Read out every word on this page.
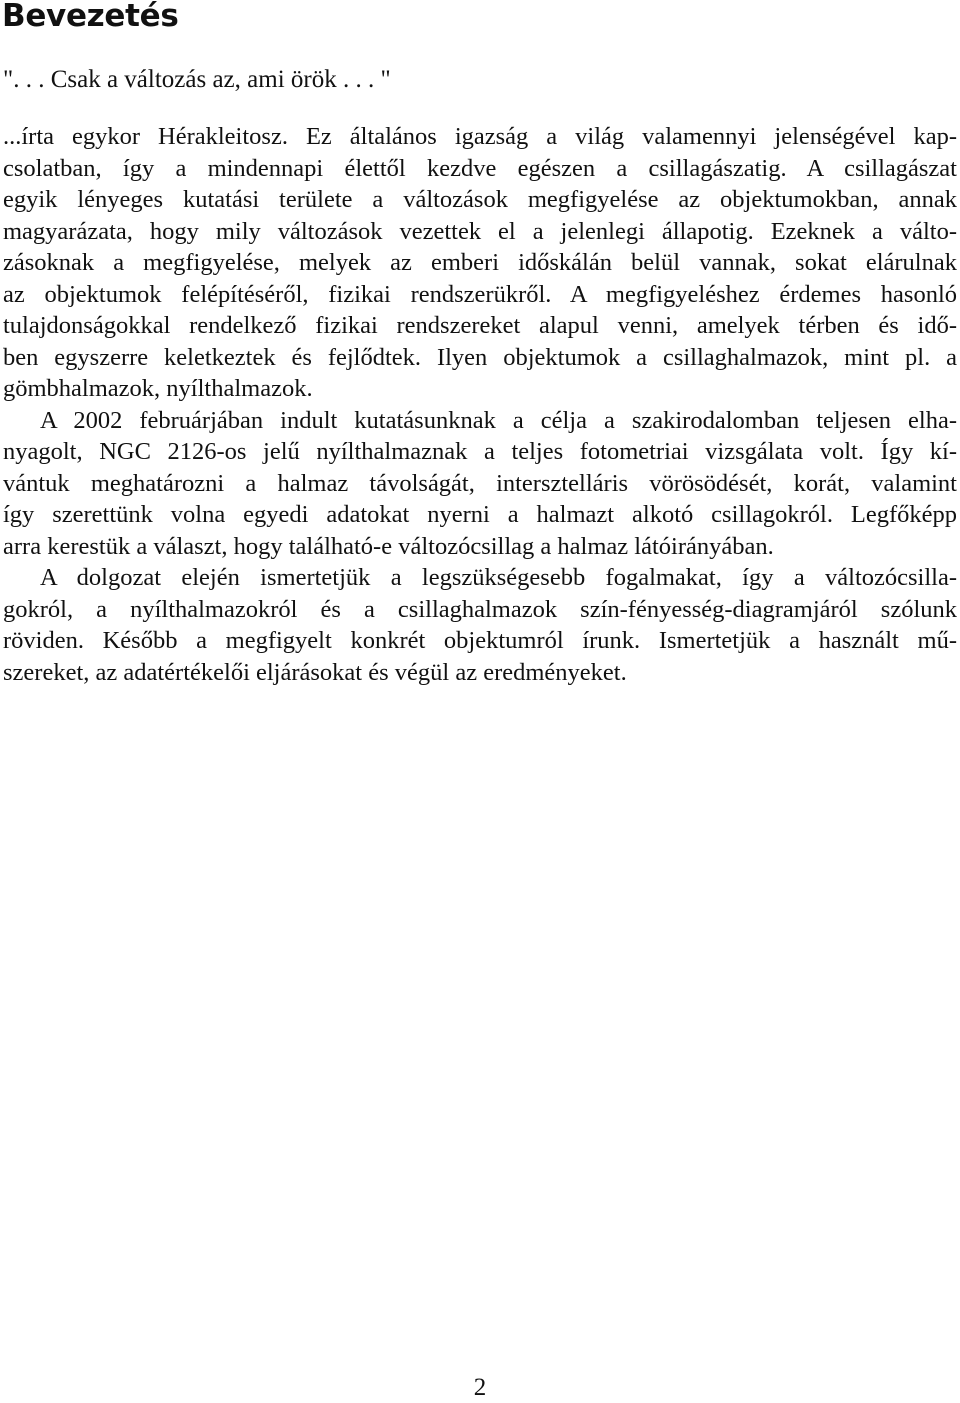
Bevezetés
". . . Csak a változás az, ami örök . . . "
...írta egykor Hérakleitosz. Ez általános igazság a világ valamennyi jelenségével kap-
csolatban, így a mindennapi élettől kezdve egészen a csillagászatig. A csillagászat
egyik lényeges kutatási területe a változások megfigyelése az objektumokban, annak
magyarázata, hogy mily változások vezettek el a jelenlegi állapotig. Ezeknek a válto-
zásoknak a megfigyelése, melyek az emberi időskálán belül vannak, sokat elárulnak
az objektumok felépítéséről, fizikai rendszerükről. A megfigyeléshez érdemes hasonló
tulajdonságokkal rendelkező fizikai rendszereket alapul venni, amelyek térben és idő-
ben egyszerre keletkeztek és fejlődtek. Ilyen objektumok a csillaghalmazok, mint pl. a
gömbhalmazok, nyílthalmazok.
A 2002 februárjában indult kutatásunknak a célja a szakirodalomban teljesen elha-
nyagolt, NGC 2126-os jelű nyílthalmaznak a teljes fotometriai vizsgálata volt. Így kí-
vántuk meghatározni a halmaz távolságát, intersztelláris vörösödését, korát, valamint
így szerettünk volna egyedi adatokat nyerni a halmazt alkotó csillagokról. Legfőképp
arra kerestük a választ, hogy található-e változócsillag a halmaz látóirányában.
A dolgozat elején ismertetjük a legszükségesebb fogalmakat, így a változócsilla-
gokról, a nyílthalmazokról és a csillaghalmazok szín-fényesség-diagramjáról szólunk
röviden. Később a megfigyelt konkrét objektumról írunk. Ismertetjük a használt mű-
szereket, az adatértékelői eljárásokat és végül az eredményeket.
2
